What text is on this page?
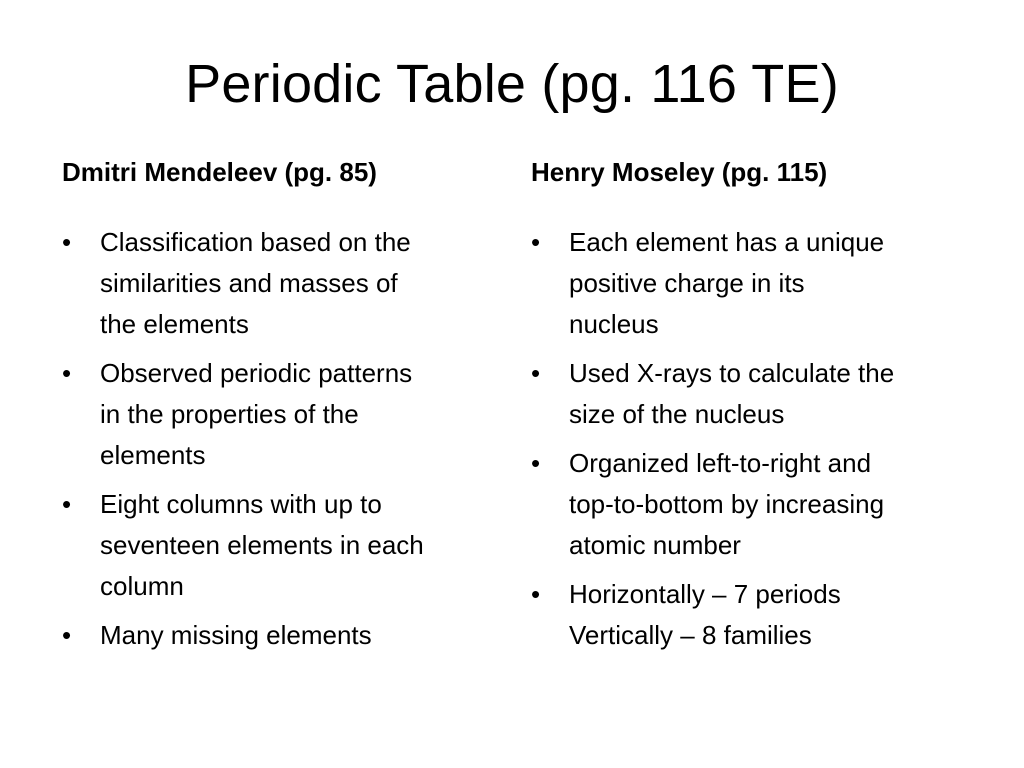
Periodic Table (pg. 116 TE)
Dmitri Mendeleev (pg. 85)
•	Classification based on the
similarities and masses of
the elements
•	Observed periodic patterns
in the properties of the
elements
•	Eight columns with up to
seventeen elements in each
column
•	Many missing elements
Henry Moseley (pg. 115)
•	Each element has a unique
positive charge in its
nucleus
•	Used X-rays to calculate the
size of the nucleus
•	Organized left-to-right and
top-to-bottom by increasing
atomic number
•	Horizontally – 7 periods
Vertically – 8 families
